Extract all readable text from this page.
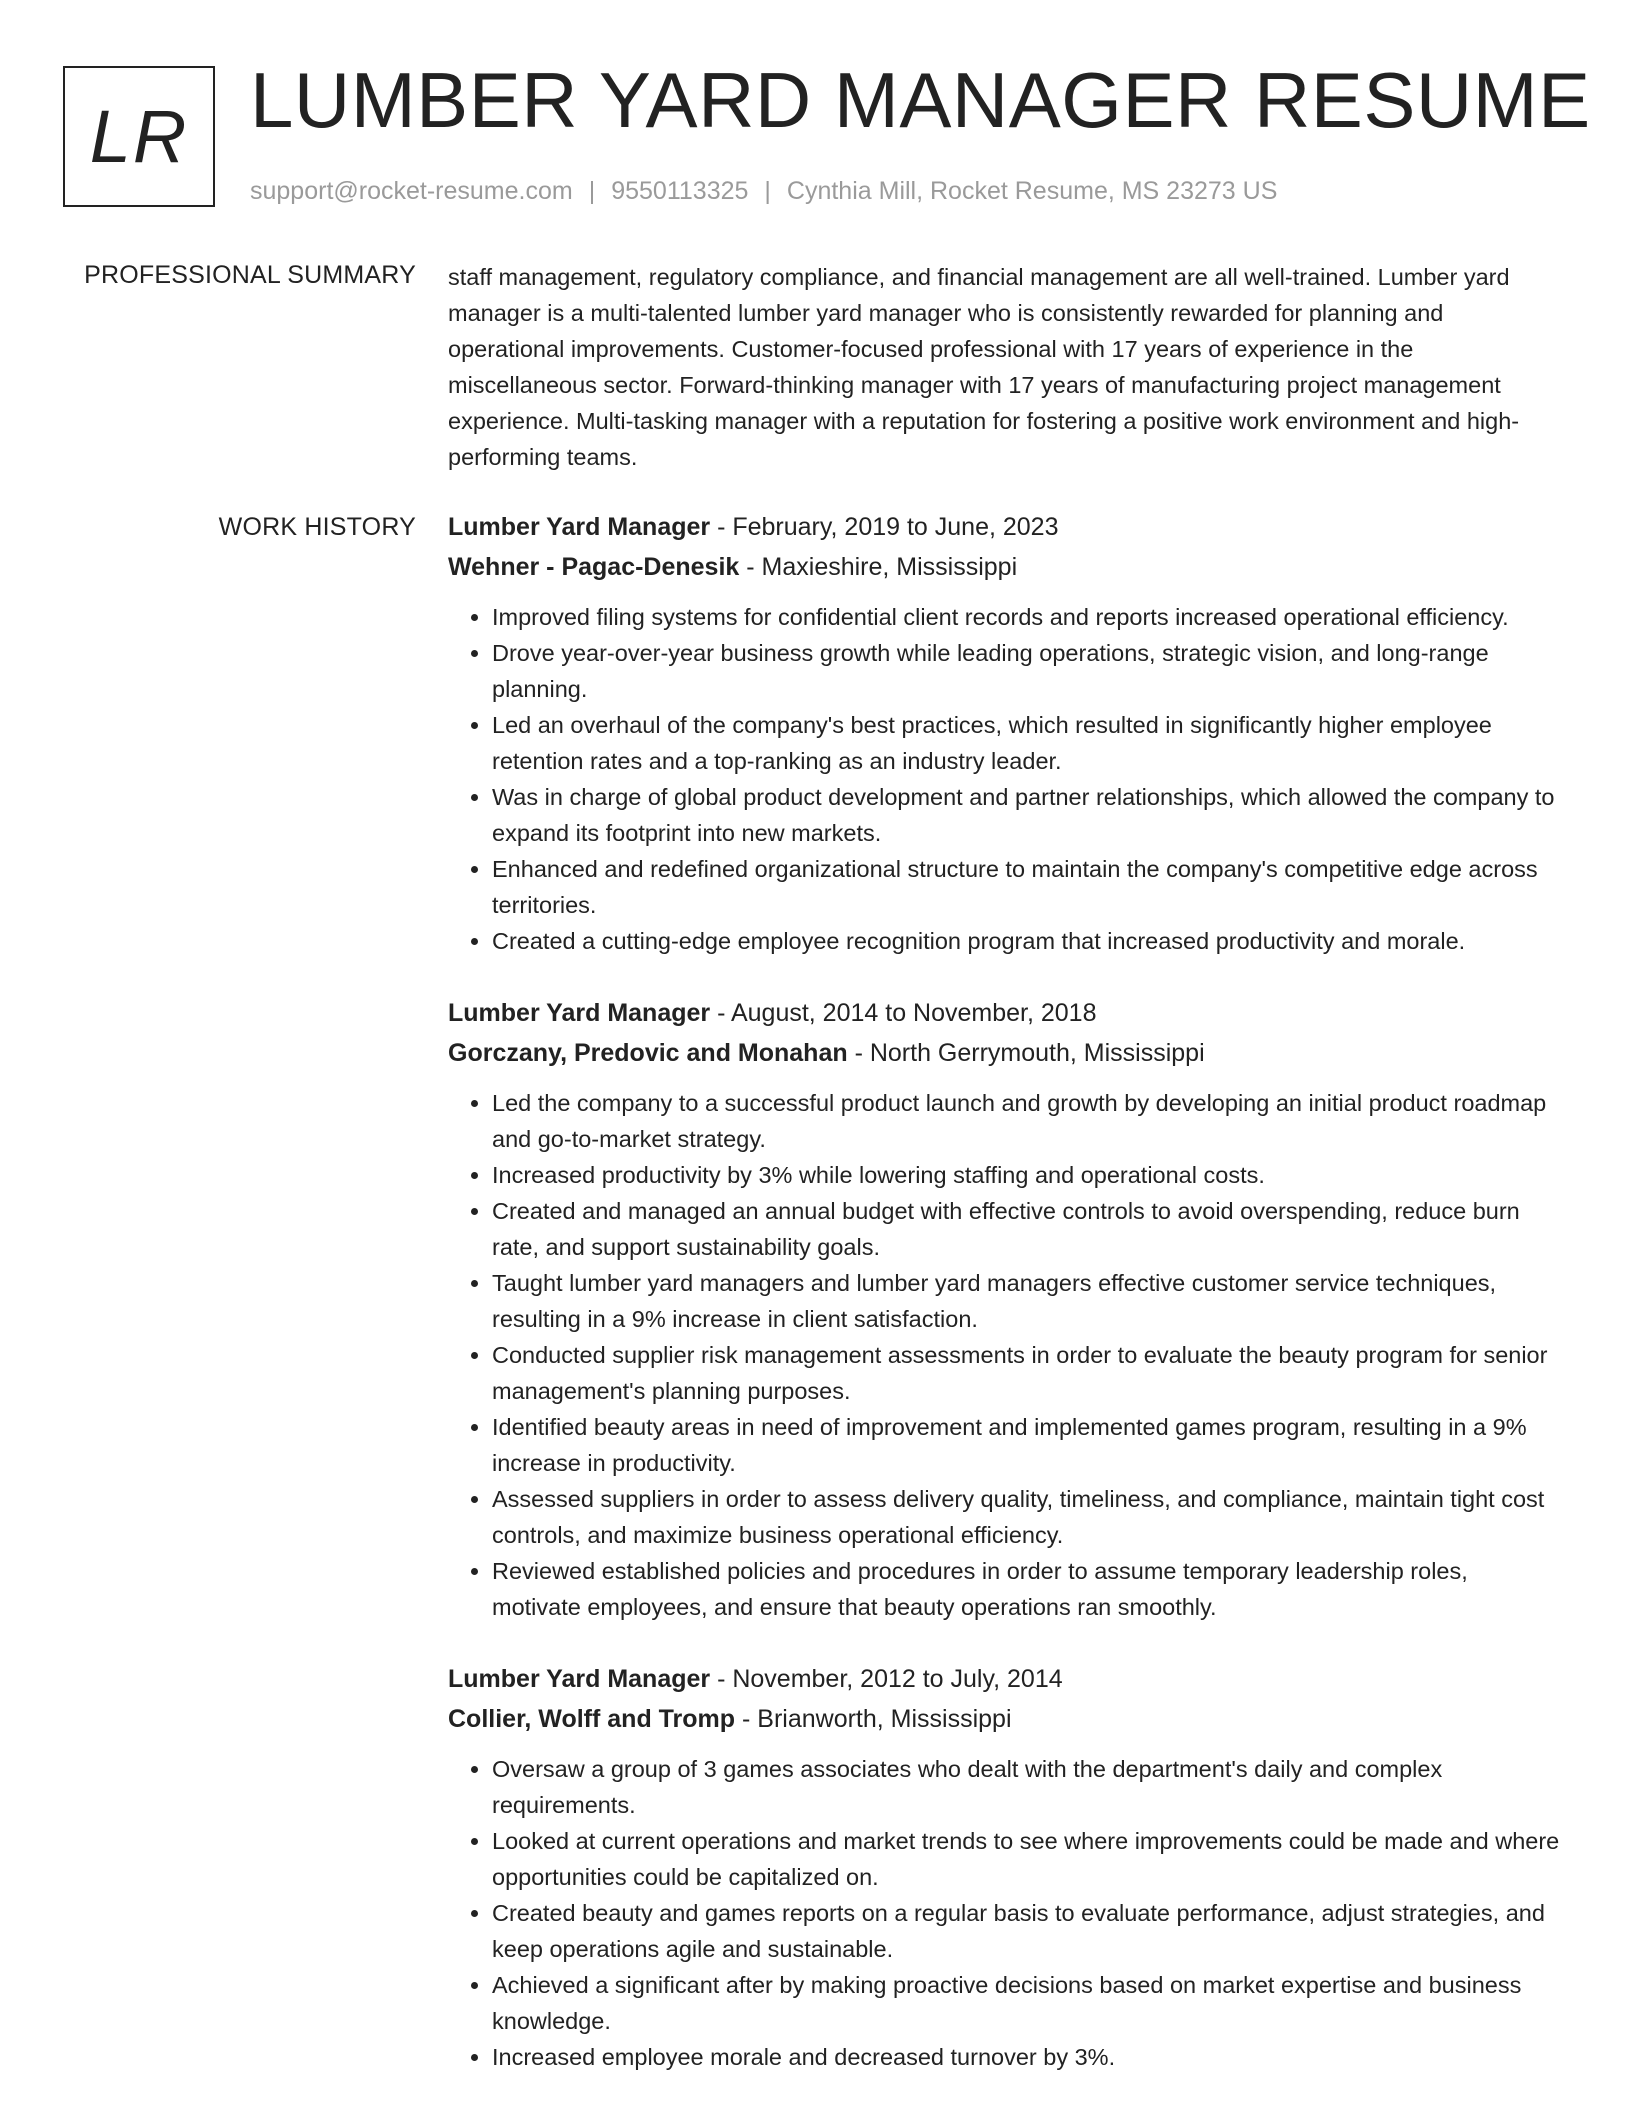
LR LUMBER YARD MANAGER RESUME
support@rocket-resume.com | 9550113325 | Cynthia Mill, Rocket Resume, MS 23273 US
PROFESSIONAL SUMMARY staff management, regulatory compliance, and financial management are all well-trained. Lumber yard manager is a multi-talented lumber yard manager who is consistently rewarded for planning and operational improvements. Customer-focused professional with 17 years of experience in the miscellaneous sector. Forward-thinking manager with 17 years of manufacturing project management experience. Multi-tasking manager with a reputation for fostering a positive work environment and high-performing teams.

WORK HISTORY Lumber Yard Manager - February, 2019 to June, 2023
Wehner - Pagac-Denesik - Maxieshire, Mississippi
• Improved filing systems for confidential client records and reports increased operational efficiency.
• Drove year-over-year business growth while leading operations, strategic vision, and long-range planning.
• Led an overhaul of the company's best practices, which resulted in significantly higher employee retention rates and a top-ranking as an industry leader.
• Was in charge of global product development and partner relationships, which allowed the company to expand its footprint into new markets.
• Enhanced and redefined organizational structure to maintain the company's competitive edge across territories.
• Created a cutting-edge employee recognition program that increased productivity and morale.
Lumber Yard Manager - August, 2014 to November, 2018
Gorczany, Predovic and Monahan - North Gerrymouth, Mississippi
• Led the company to a successful product launch and growth by developing an initial product roadmap and go-to-market strategy.
• Increased productivity by 3% while lowering staffing and operational costs.
• Created and managed an annual budget with effective controls to avoid overspending, reduce burn rate, and support sustainability goals.
• Taught lumber yard managers and lumber yard managers effective customer service techniques, resulting in a 9% increase in client satisfaction.
• Conducted supplier risk management assessments in order to evaluate the beauty program for senior management's planning purposes.
• Identified beauty areas in need of improvement and implemented games program, resulting in a 9% increase in productivity.
• Assessed suppliers in order to assess delivery quality, timeliness, and compliance, maintain tight cost controls, and maximize business operational efficiency.
• Reviewed established policies and procedures in order to assume temporary leadership roles, motivate employees, and ensure that beauty operations ran smoothly.
Lumber Yard Manager - November, 2012 to July, 2014
Collier, Wolff and Tromp - Brianworth, Mississippi
• Oversaw a group of 3 games associates who dealt with the department's daily and complex requirements.
• Looked at current operations and market trends to see where improvements could be made and where opportunities could be capitalized on.
• Created beauty and games reports on a regular basis to evaluate performance, adjust strategies, and keep operations agile and sustainable.
• Achieved a significant after by making proactive decisions based on market expertise and business knowledge.
• Increased employee morale and decreased turnover by 3%.
